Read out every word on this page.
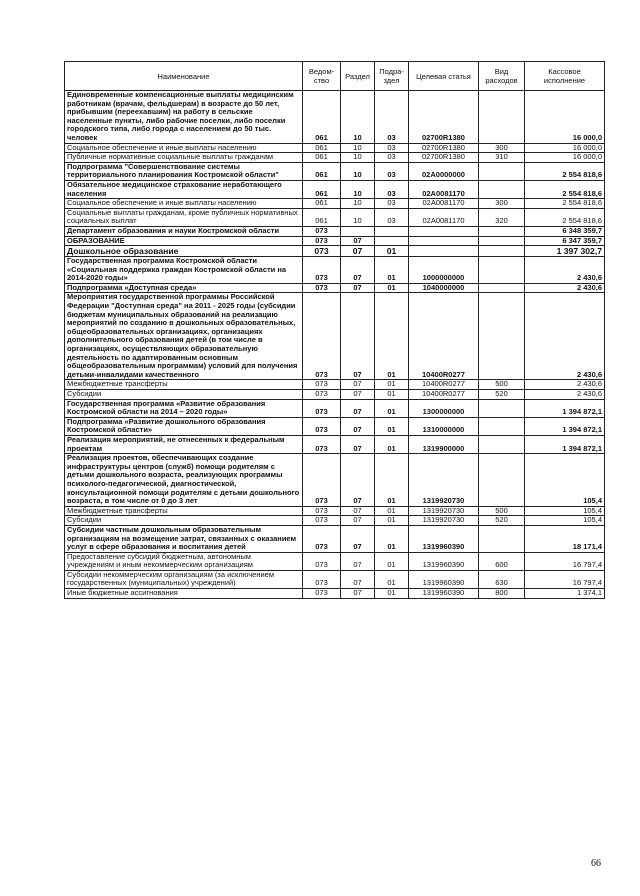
Наименование	Ведом-ство	Раздел	Подра-здел	Целевая статья	Вид расходов	Кассовое исполнение
Единовременные компенсационные выплаты медицинским работникам (врачам, фельдшерам) в возрасте до 50 лет, прибывшим (переехавшим) на работу в сельские населенные пункты, либо рабочие поселки, либо поселки городского типа, либо города с населением до 50 тыс. человек	061	10	03	02700R1380		16 000,0
Социальное обеспечение и иные выплаты населению	061	10	03	02700R1380	300	16 000,0
Публичные нормативные социальные выплаты гражданам	061	10	03	02700R1380	310	16 000,0
Подпрограмма "Совершенствование системы территориального планирования Костромской области"	061	10	03	02A0000000		2 554 818,6
Обязательное медицинское страхование неработающего населения	061	10	03	02A0081170		2 554 818,6
Социальное обеспечение и иные выплаты населению	061	10	03	02A0081170	300	2 554 818,6
Социальные выплаты гражданам, кроме публичных нормативных социальных выплат	061	10	03	02A0081170	320	2 554 818,6
Департамент образования и науки Костромской области	073					6 348 359,7
ОБРАЗОВАНИЕ	073	07				6 347 359,7
Дошкольное образование	073	07	01			1 397 302,7
Государственная программа Костромской области «Социальная поддержка граждан Костромской области на 2014-2020 годы»	073	07	01	1000000000		2 430,6
Подпрограмма «Доступная среда»	073	07	01	1040000000		2 430,6
Мероприятия государственной программы Российской Федерации "Доступная среда" на 2011 - 2025 годы (субсидии бюджетам муниципальных образований на реализацию мероприятий по созданию в дошкольных образовательных, общеобразовательных организациях, организациях дополнительного образования детей (в том числе в организациях, осуществляющих образовательную деятельность по адаптированным основным общеобразовательным программам) условий для получения детьми-инвалидами качественного	073	07	01	10400R0277		2 430,6
Межбюджетные трансферты	073	07	01	10400R0277	500	2 430,6
Субсидии	073	07	01	10400R0277	520	2 430,6
Государственная программа «Развитие образования Костромской области на 2014 – 2020 годы»	073	07	01	1300000000		1 394 872,1
Подпрограмма «Развитие дошкольного образования Костромской области»	073	07	01	1310000000		1 394 872,1
Реализация мероприятий, не отнесенных к федеральным проектам	073	07	01	1319900000		1 394 872,1
Реализация проектов, обеспечивающих создание инфраструктуры центров (служб) помощи родителям с детьми дошкольного возраста, реализующих программы психолого-педагогической, диагностической, консультационной помощи родителям с детьми дошкольного возраста, в том числе от 0 до 3 лет	073	07	01	1319920730		105,4
Межбюджетные трансферты	073	07	01	1319920730	500	105,4
Субсидии	073	07	01	1319920730	520	105,4
Субсидии частным дошкольным образовательным организациям на возмещение затрат, связанных с оказанием услуг в сфере образования и воспитания детей	073	07	01	1319960390		18 171,4
Предоставление субсидий бюджетным, автономным учреждениям и иным некоммерческим организациям	073	07	01	1319960390	600	16 797,4
Субсидии некоммерческим организациям (за исключением государственных (муниципальных) учреждений)	073	07	01	1319960390	630	16 797,4
Иные бюджетные ассигнования	073	07	01	1319960390	800	1 374,1
66
